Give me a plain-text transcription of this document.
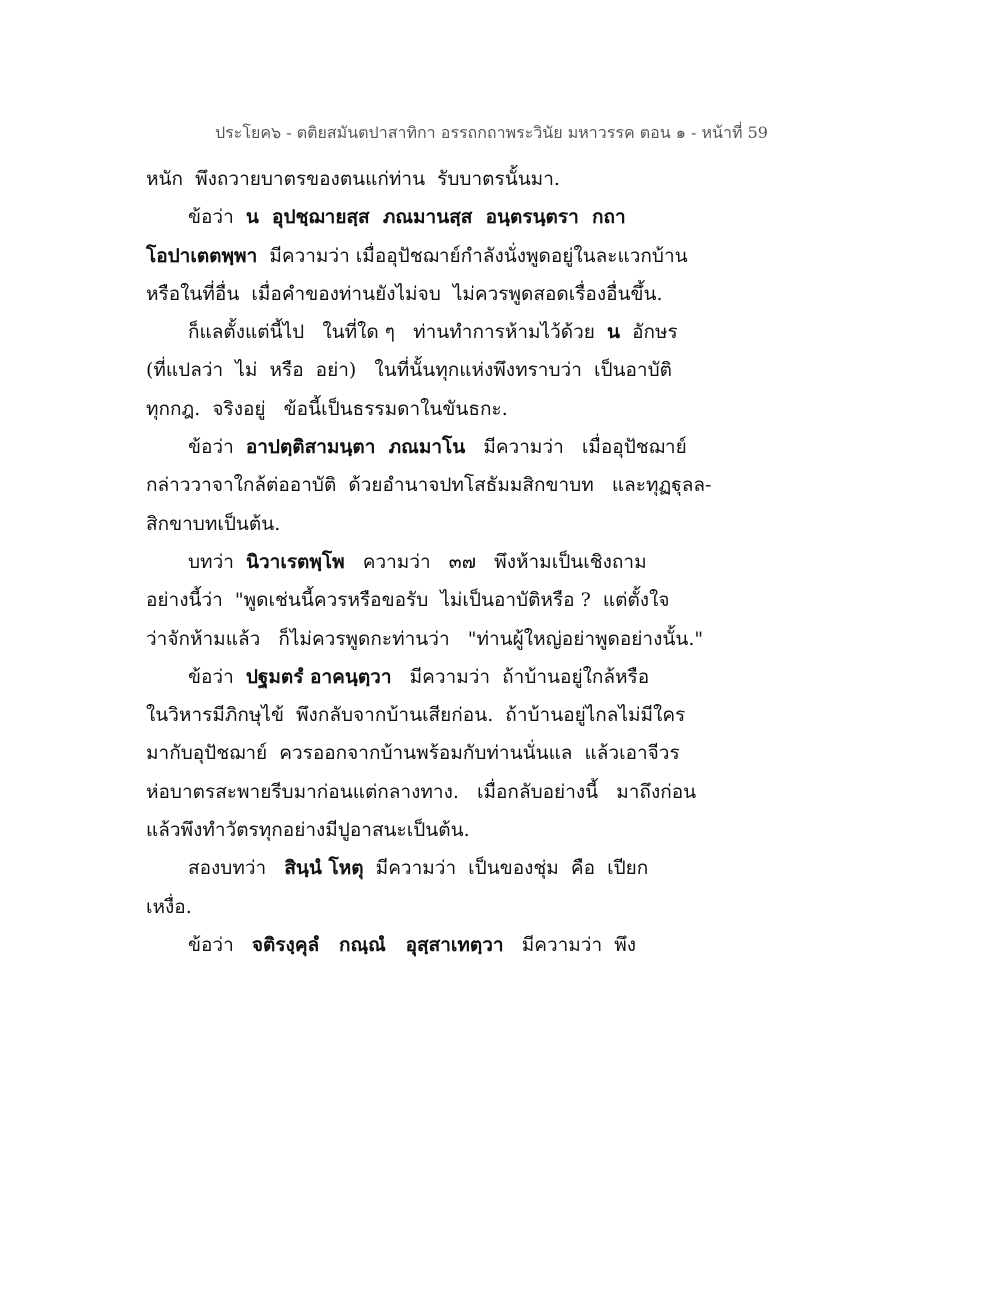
ประโยค๖ - ตติยสมันตปาสาทิกา อรรถกถาพระวินัย มหาวรรค ตอน ๑ - หน้าที่ 59
หนัก  พึงถวายบาตรของตนแก่ท่าน  รับบาตรนั้นมา.
ข้อว่า  น  อุปชฺฌายสฺส  ภณมานสฺส  อนฺตรนฺตรา  กถา
โอปาเตตพฺพา  มีความว่า เมื่ออุปัชฌาย์กำลังนั่งพูดอยู่ในละแวกบ้าน
หรือในที่อื่น  เมื่อคำของท่านยังไม่จบ  ไม่ควรพูดสอดเรื่องอื่นขึ้น.
ก็แลตั้งแต่นี้ไป   ในที่ใด ๆ   ท่านทำการห้ามไว้ด้วย  น  อักษร
(ที่แปลว่า  ไม่  หรือ  อย่า)   ในที่นั้นทุกแห่งพึงทราบว่า  เป็นอาบัติ
ทุกกฎ.  จริงอยู่   ข้อนี้เป็นธรรมดาในขันธกะ.
ข้อว่า  อาปตฺติสามนฺตา  ภณมาโน   มีความว่า   เมื่ออุปัชฌาย์
กล่าววาจาใกล้ต่ออาบัติ  ด้วยอำนาจปทโสธัมมสิกขาบท   และทุฏฐุลล-
สิกขาบทเป็นต้น.
บทว่า  นิวาเรตพฺโพ   ความว่า   ๓๗   พึงห้ามเป็นเชิงถาม
อย่างนี้ว่า  "พูดเช่นนี้ควรหรือขอรับ  ไม่เป็นอาบัติหรือ ?  แต่ตั้งใจ
ว่าจักห้ามแล้ว   ก็ไม่ควรพูดกะท่านว่า   "ท่านผู้ใหญ่อย่าพูดอย่างนั้น."
ข้อว่า  ปฐมตรํ อาคนฺตฺวา   มีความว่า  ถ้าบ้านอยู่ใกล้หรือ
ในวิหารมีภิกษุไข้  พึงกลับจากบ้านเสียก่อน.  ถ้าบ้านอยู่ไกลไม่มีใคร
มากับอุปัชฌาย์  ควรออกจากบ้านพร้อมกับท่านนั่นแล  แล้วเอาจีวร
ห่อบาตรสะพายรีบมาก่อนแต่กลางทาง.   เมื่อกลับอย่างนี้   มาถึงก่อน
แล้วพึงทำวัตรทุกอย่างมีปูอาสนะเป็นต้น.
สองบทว่า   สินฺนํ โหตุ  มีความว่า  เป็นของชุ่ม  คือ  เปียก
เหงื่อ.
ข้อว่า   จติรงฺคุลํ   กณฺณํ   อุสฺสาเทตฺวา   มีความว่า  พึง
